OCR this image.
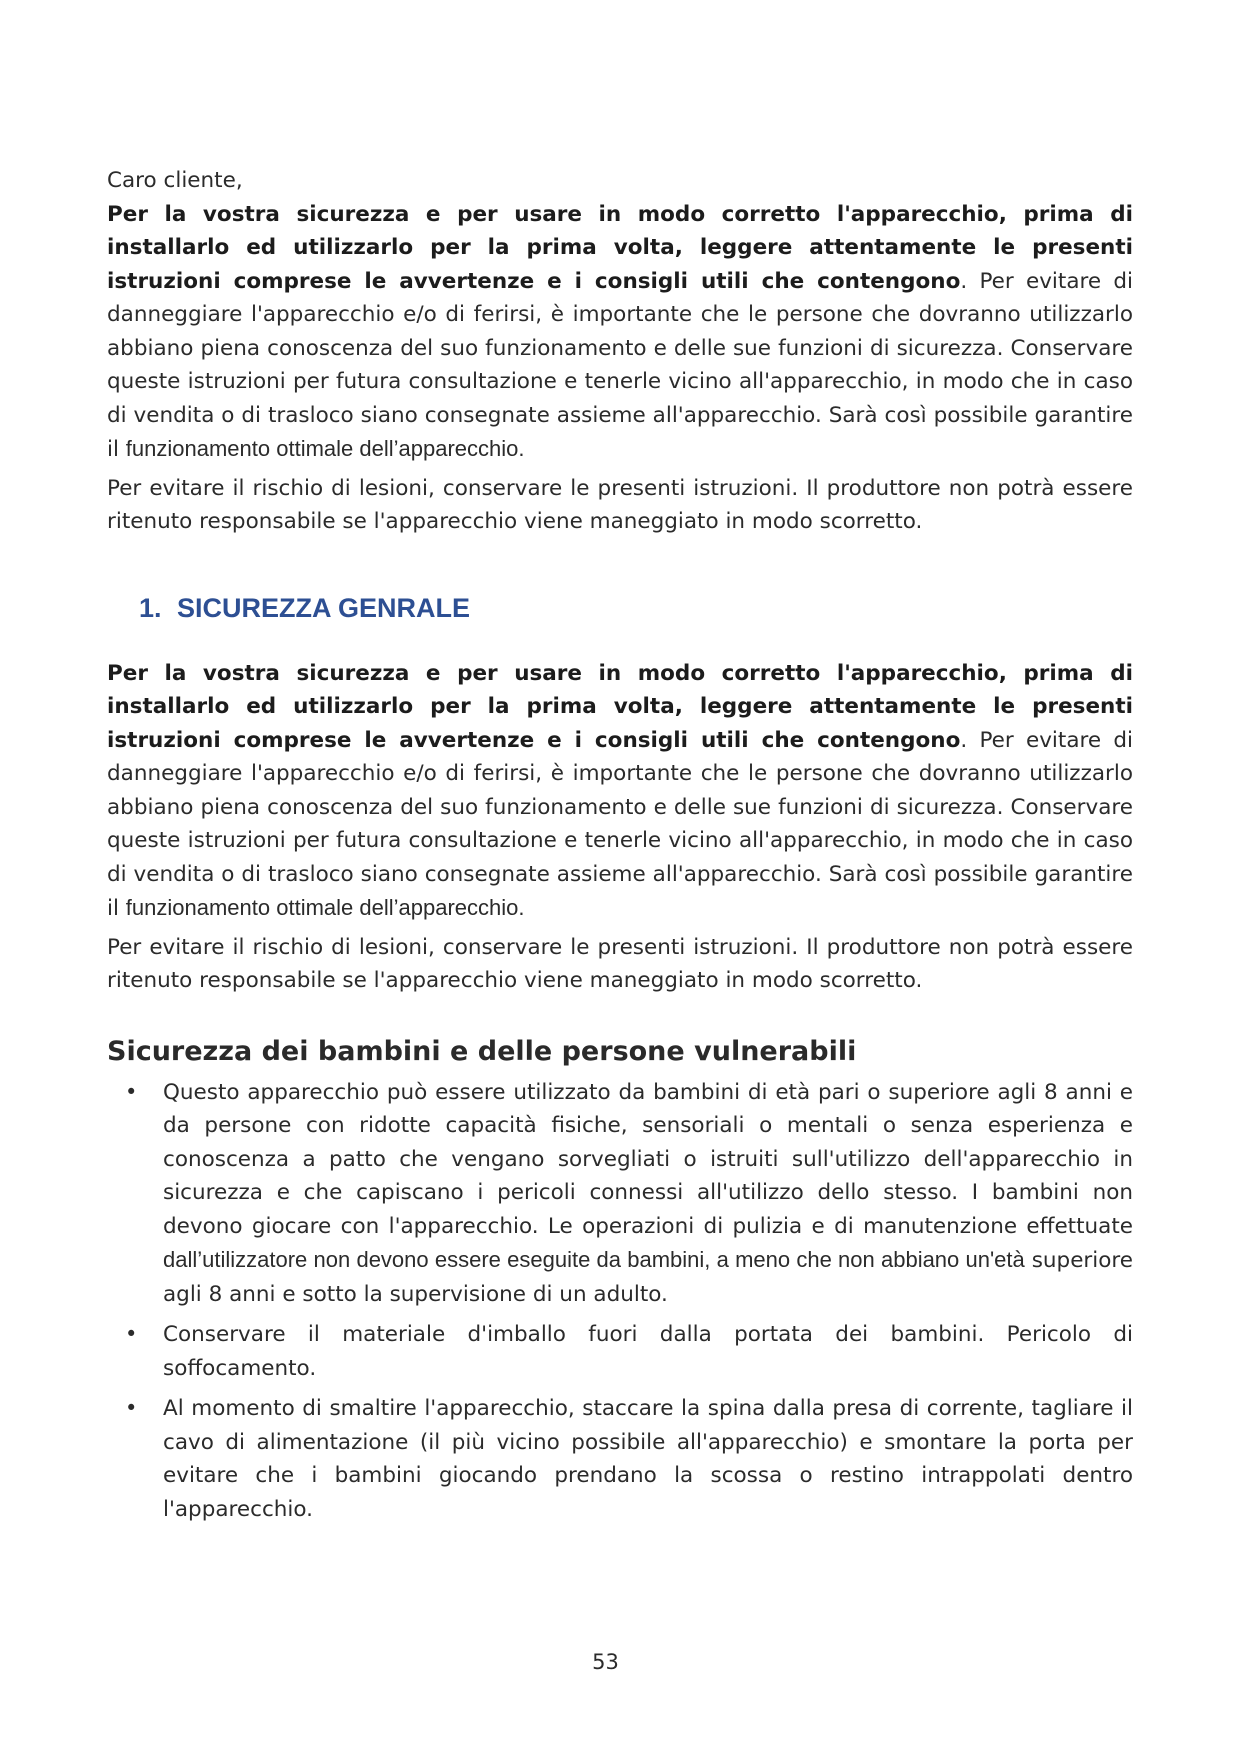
Caro cliente,

Per la vostra sicurezza e per usare in modo corretto l'apparecchio, prima di installarlo ed utilizzarlo per la prima volta, leggere attentamente le presenti istruzioni comprese le avvertenze e i consigli utili che contengono. Per evitare di danneggiare l'apparecchio e/o di ferirsi, è importante che le persone che dovranno utilizzarlo abbiano piena conoscenza del suo funzionamento e delle sue funzioni di sicurezza. Conservare queste istruzioni per futura consultazione e tenerle vicino all'apparecchio, in modo che in caso di vendita o di trasloco siano consegnate assieme all'apparecchio. Sarà così possibile garantire il funzionamento ottimale dell’apparecchio.

Per evitare il rischio di lesioni, conservare le presenti istruzioni. Il produttore non potrà essere ritenuto responsabile se l'apparecchio viene maneggiato in modo scorretto.

1. SICUREZZA GENRALE

Per la vostra sicurezza e per usare in modo corretto l'apparecchio, prima di installarlo ed utilizzarlo per la prima volta, leggere attentamente le presenti istruzioni comprese le avvertenze e i consigli utili che contengono. Per evitare di danneggiare l'apparecchio e/o di ferirsi, è importante che le persone che dovranno utilizzarlo abbiano piena conoscenza del suo funzionamento e delle sue funzioni di sicurezza. Conservare queste istruzioni per futura consultazione e tenerle vicino all'apparecchio, in modo che in caso di vendita o di trasloco siano consegnate assieme all'apparecchio. Sarà così possibile garantire il funzionamento ottimale dell’apparecchio.

Per evitare il rischio di lesioni, conservare le presenti istruzioni. Il produttore non potrà essere ritenuto responsabile se l'apparecchio viene maneggiato in modo scorretto.

Sicurezza dei bambini e delle persone vulnerabili
• Questo apparecchio può essere utilizzato da bambini di età pari o superiore agli 8 anni e da persone con ridotte capacità fisiche, sensoriali o mentali o senza esperienza e conoscenza a patto che vengano sorvegliati o istruiti sull'utilizzo dell'apparecchio in sicurezza e che capiscano i pericoli connessi all'utilizzo dello stesso. I bambini non devono giocare con l'apparecchio. Le operazioni di pulizia e di manutenzione effettuate dall’utilizzatore non devono essere eseguite da bambini, a meno che non abbiano un'età superiore agli 8 anni e sotto la supervisione di un adulto.

• Conservare il materiale d'imballo fuori dalla portata dei bambini. Pericolo di soffocamento.

• Al momento di smaltire l'apparecchio, staccare la spina dalla presa di corrente, tagliare il cavo di alimentazione (il più vicino possibile all'apparecchio) e smontare la porta per evitare che i bambini giocando prendano la scossa o restino intrappolati dentro l'apparecchio.

53
